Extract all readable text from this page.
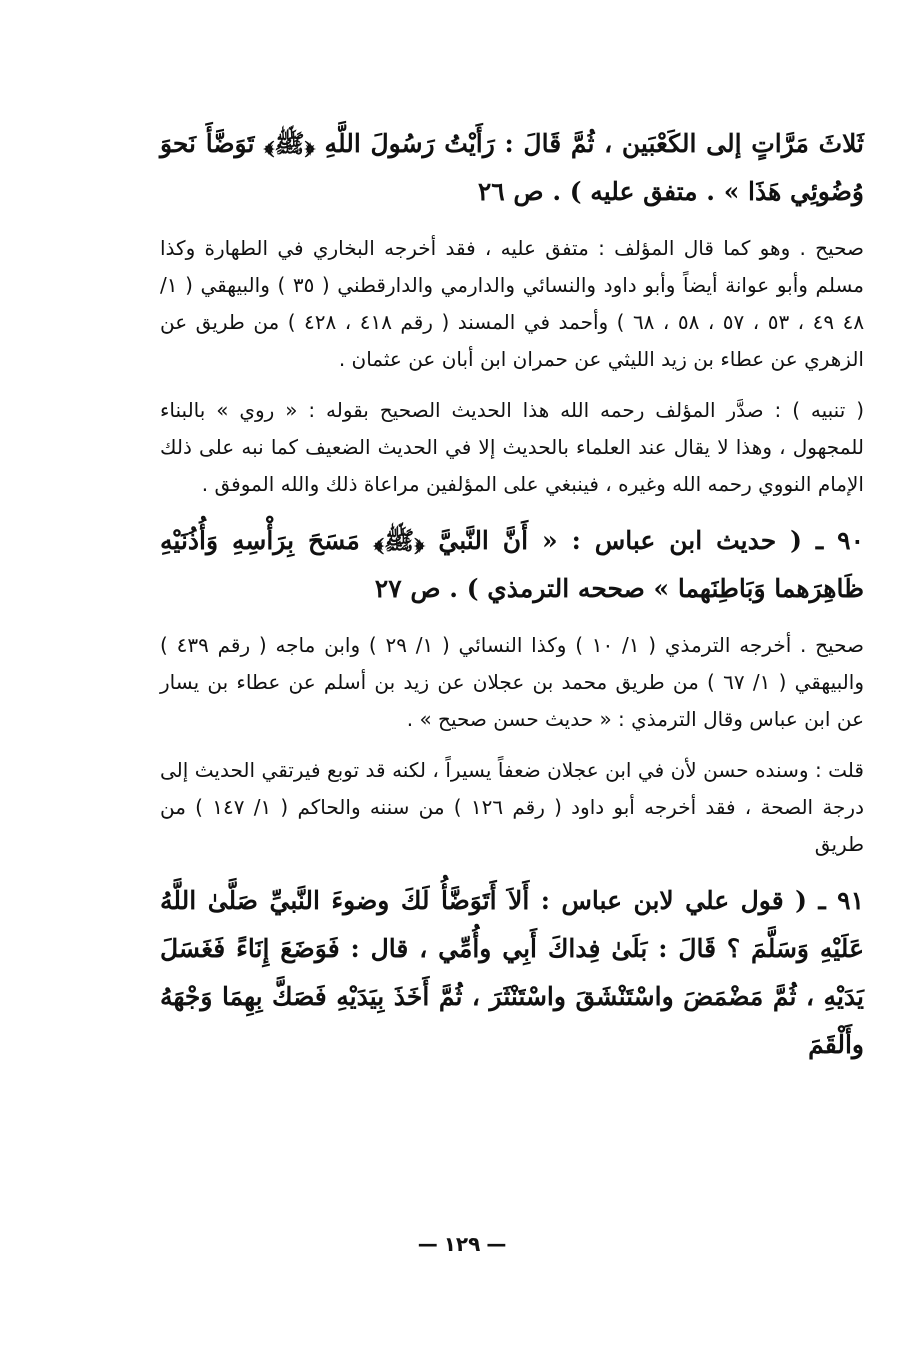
ثَلاثَ مَرَّاتٍ إلى الكَعْبَين ، ثُمَّ قَالَ : رَأَيْتُ رَسُولَ اللَّهِ ﴿ﷺ﴾ تَوَضَّأَ نَحوَ وُضُوئِي هَذَا » . متفق عليه ) . ص ٢٦

صحيح . وهو كما قال المؤلف : متفق عليه ، فقد أخرجه البخاري في الطهارة وكذا مسلم وأبو عوانة أيضاً وأبو داود والنسائي والدارمي والدارقطني ( ٣٥ ) والبيهقي ( ١/ ٤٨ ٤٩ ، ٥٣ ، ٥٧ ، ٥٨ ، ٦٨ ) وأحمد في المسند ( رقم ٤١٨ ، ٤٢٨ ) من طريق عن الزهري عن عطاء بن زيد الليثي عن حمران ابن أبان عن عثمان .

( تنبيه ) : صدَّر المؤلف رحمه الله هذا الحديث الصحيح بقوله : « روي » بالبناء للمجهول ، وهذا لا يقال عند العلماء بالحديث إلا في الحديث الضعيف كما نبه على ذلك الإمام النووي رحمه الله وغيره ، فينبغي على المؤلفين مراعاة ذلك والله الموفق .

٩٠ ـ ( حديث ابن عباس : « أَنَّ النَّبيَّ ﴿ﷺ﴾ مَسَحَ بِرَأْسِهِ وَأُذُنَيْهِ ظَاهِرَهما وَبَاطِنَهما » صححه الترمذي ) . ص ٢٧

صحيح . أخرجه الترمذي ( ١/ ١٠ ) وكذا النسائي ( ١/ ٢٩ ) وابن ماجه ( رقم ٤٣٩ ) والبيهقي ( ١/ ٦٧ ) من طريق محمد بن عجلان عن زيد بن أسلم عن عطاء بن يسار عن ابن عباس وقال الترمذي : « حديث حسن صحيح » .

قلت : وسنده حسن لأن في ابن عجلان ضعفاً يسيراً ، لكنه قد توبع فيرتقي الحديث إلى درجة الصحة ، فقد أخرجه أبو داود ( رقم ١٢٦ ) من سننه والحاكم ( ١/ ١٤٧ ) من طريق

٩١ ـ ( قول علي لابن عباس : أَلاَ أَتَوَضَّأُ لَكَ وضوءَ النَّبيِّ صَلَّىٰ اللَّهُ عَلَيْهِ وَسَلَّمَ ؟ قَالَ : بَلَىٰ فِداكَ أَبِي وأُمِّي ، قال : فَوَضَعَ إِنَاءً فَغَسَلَ يَدَيْهِ ، ثُمَّ مَضْمَضَ واسْتَنْشَقَ واسْتَنْثَرَ ، ثُمَّ أَخَذَ بِيَدَيْهِ فَصَكَّ بِهِمَا وَجْهَهُ وأَلْقَمَ

—١٢٩—
